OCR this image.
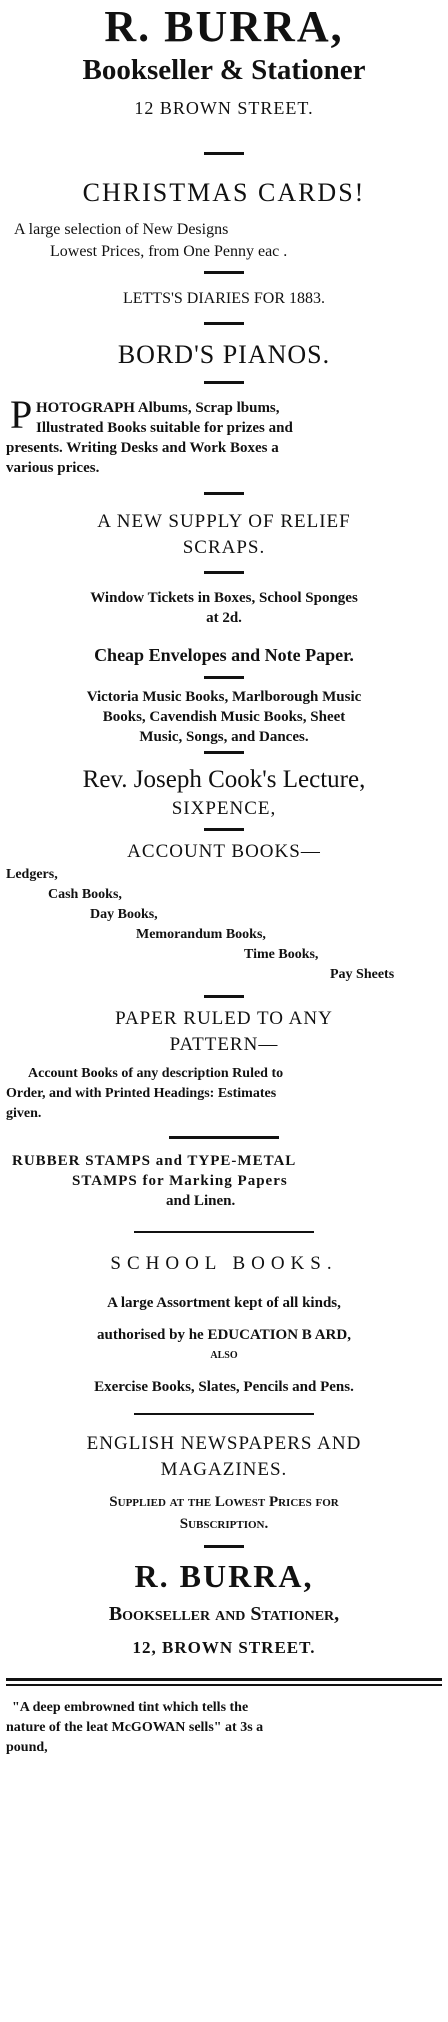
R. BURRA,
Bookseller & Stationer
12 BROWN STREET.
CHRISTMAS CARDS!
A large selection of New Designs
Lowest Prices, from One Penny eac .
LETTS'S DIARIES FOR 1883.
BORD'S PIANOS.
P HOTOGRAPH Albums, Scrap lbums,
Illustrated Books suitable for prizes and
presents. Writing Desks and Work Boxes a
various prices.
A NEW SUPPLY OF RELIEF
SCRAPS.
Window Tickets in Boxes, School Sponges
at 2d.
Cheap Envelopes and Note Paper.
Victoria Music Books, Marlborough Music
Books, Cavendish Music Books, Sheet
Music, Songs, and Dances.
Rev. Joseph Cook's Lecture,
SIXPENCE,
ACCOUNT BOOKS—
Ledgers,
Cash Books,
Day Books,
Memorandum Books,
Time Books,
Pay Sheets
PAPER RULED TO ANY
PATTERN—
Account Books of any description Ruled to
Order, and with Printed Headings: Estimates
given.
RUBBER STAMPS and TYPE-METAL
STAMPS for Marking Papers
and Linen.
SCHOOL BOOKS.
A large Assortment kept of all kinds,
authorised by he EDUCATION B ARD,
ALSO
Exercise Books, Slates, Pencils and Pens.
ENGLISH NEWSPAPERS AND
MAGAZINES.
Supplied at the Lowest Prices for
Subscription.
R. BURRA,
Bookseller and Stationer,
12, BROWN STREET.
"A deep embrowned tint which tells the
nature of the leat McGOWAN sells" at 3s a
pound,
